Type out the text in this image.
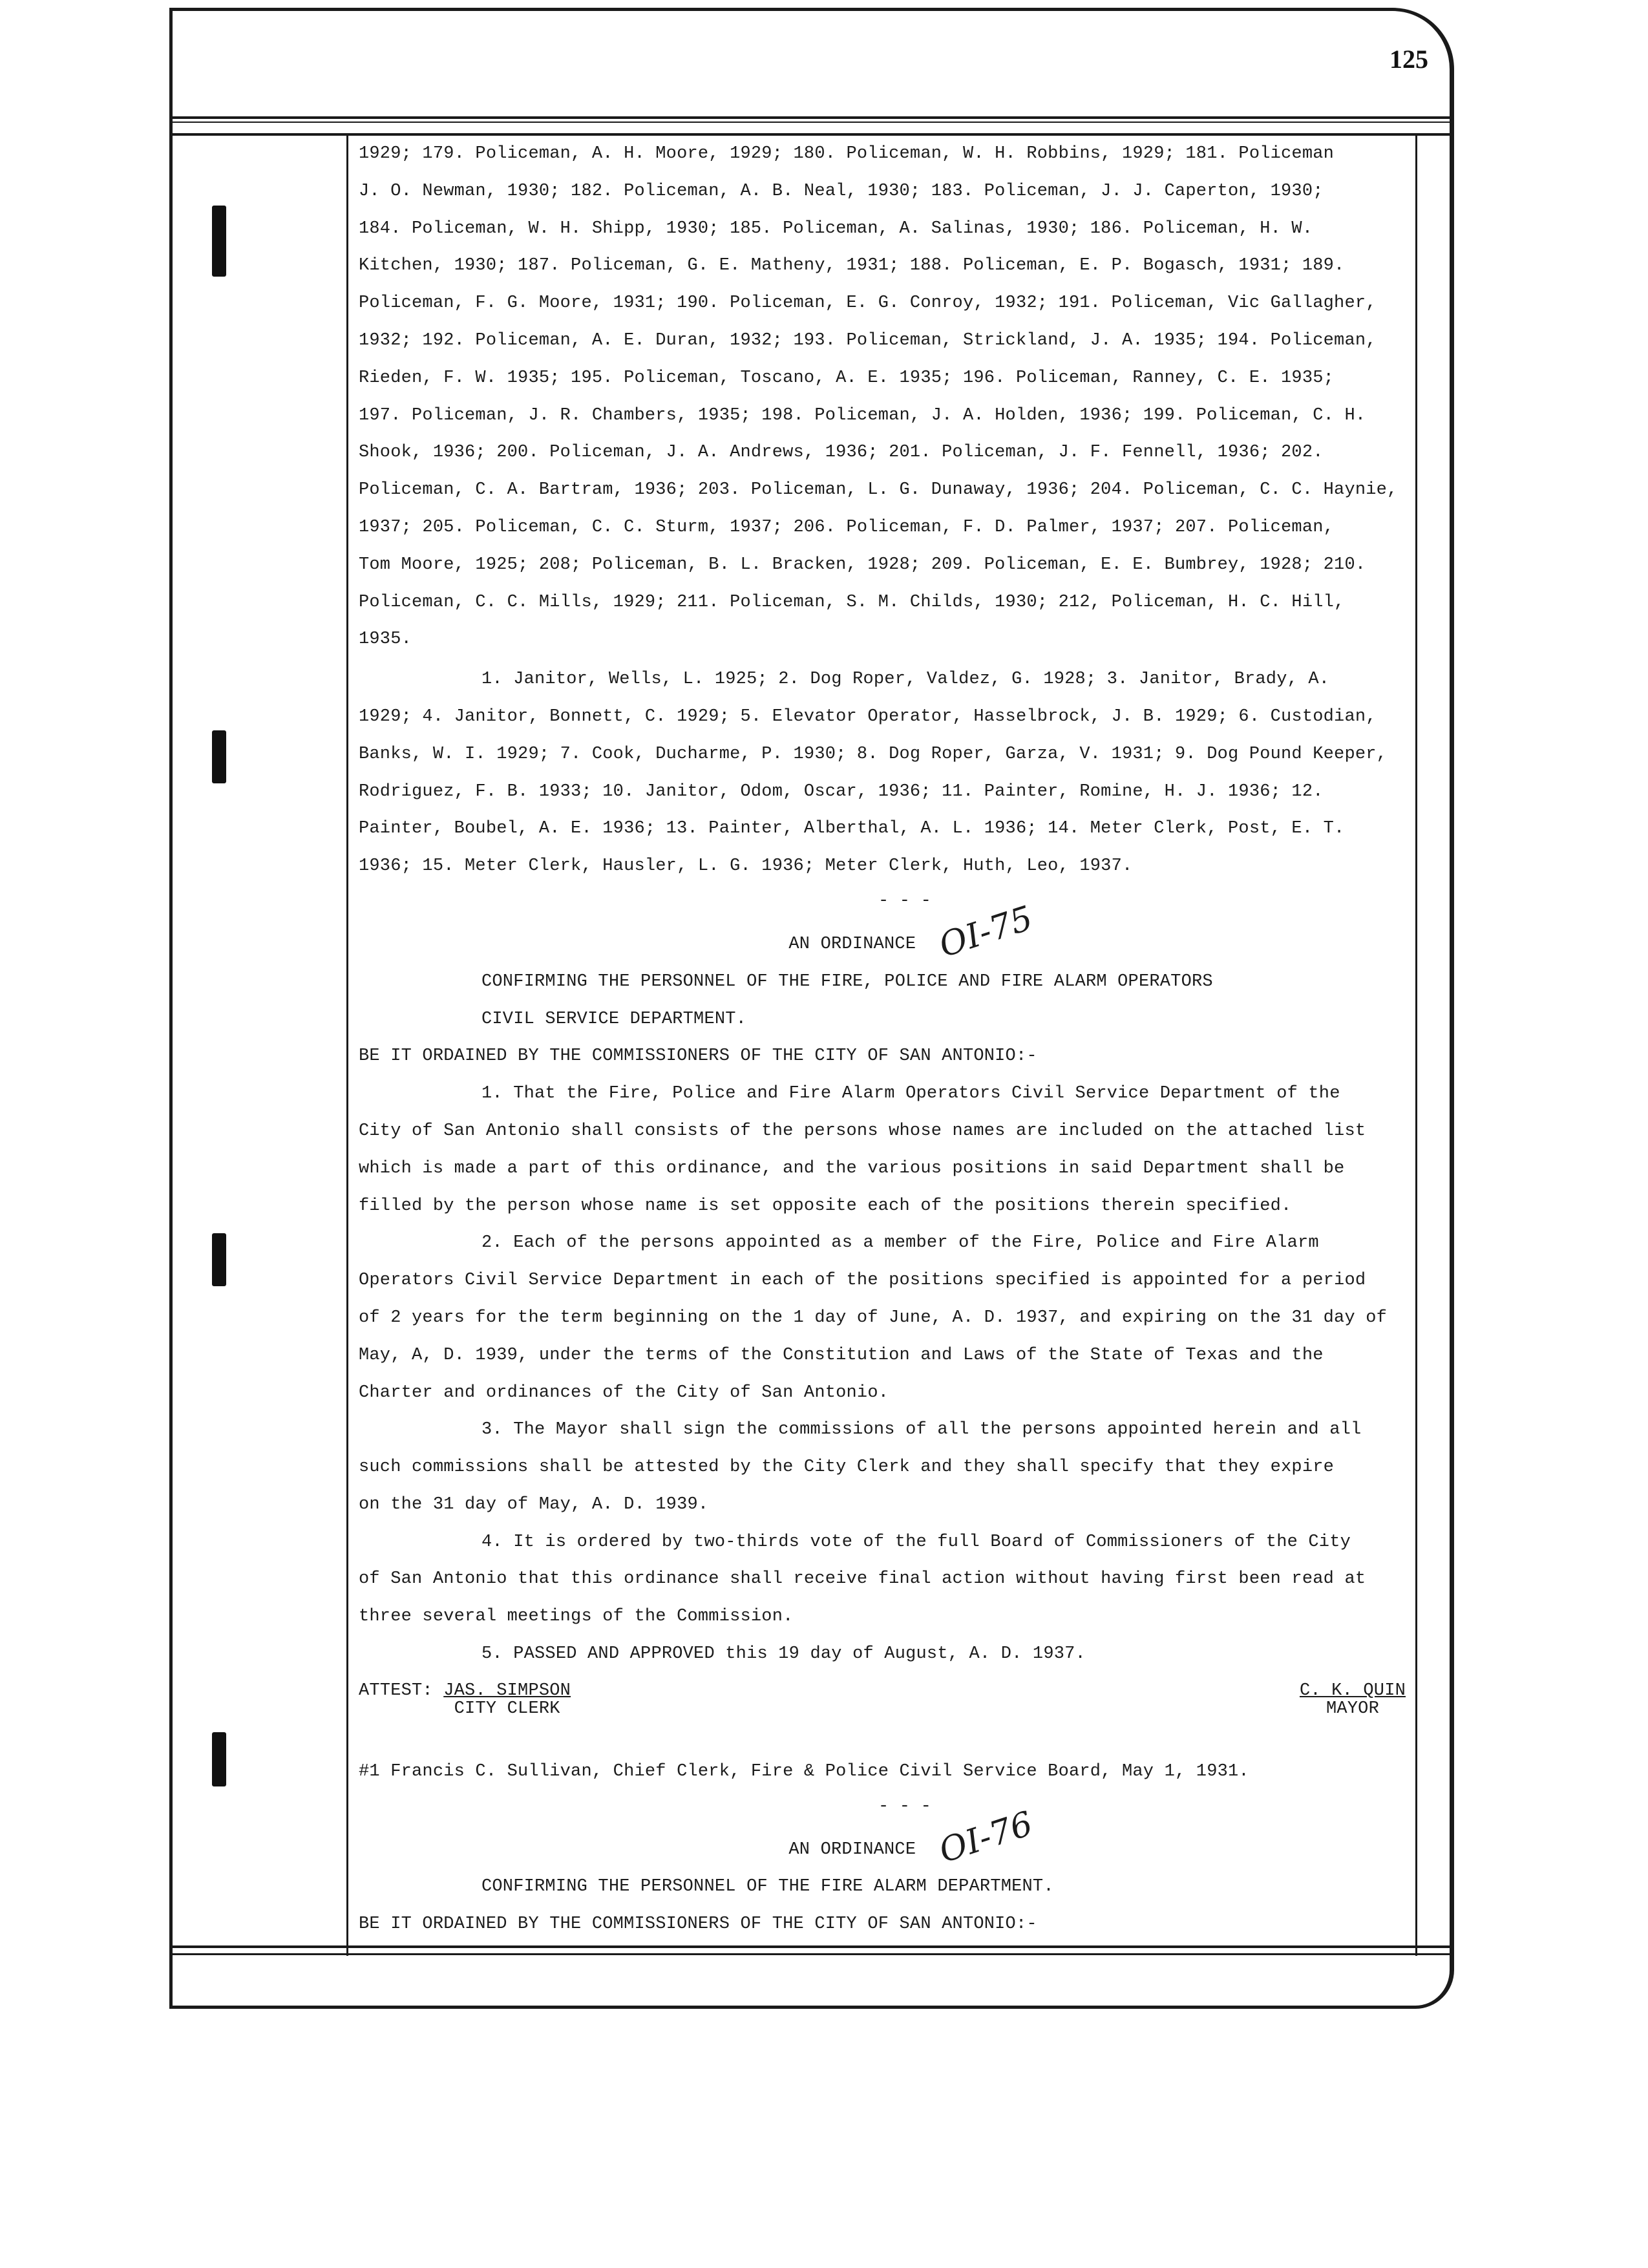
125

1929; 179. Policeman, A. H. Moore, 1929; 180. Policeman, W. H. Robbins, 1929; 181. Policeman
J. O. Newman, 1930; 182. Policeman, A. B. Neal, 1930; 183. Policeman, J. J. Caperton, 1930;
184. Policeman, W. H. Shipp, 1930; 185. Policeman, A. Salinas, 1930; 186. Policeman, H. W.
Kitchen, 1930; 187. Policeman, G. E. Matheny, 1931; 188. Policeman, E. P. Bogasch, 1931; 189.
Policeman, F. G. Moore, 1931; 190. Policeman, E. G. Conroy, 1932; 191. Policeman, Vic Gallagher,
1932; 192. Policeman, A. E. Duran, 1932; 193. Policeman, Strickland, J. A. 1935; 194. Policeman,
Rieden, F. W. 1935; 195. Policeman, Toscano, A. E. 1935; 196. Policeman, Ranney, C. E. 1935;
197. Policeman, J. R. Chambers, 1935; 198. Policeman, J. A. Holden, 1936; 199. Policeman, C. H.
Shook, 1936; 200. Policeman, J. A. Andrews, 1936; 201. Policeman, J. F. Fennell, 1936; 202.
Policeman, C. A. Bartram, 1936; 203. Policeman, L. G. Dunaway, 1936; 204. Policeman, C. C. Haynie,
1937; 205. Policeman, C. C. Sturm, 1937; 206. Policeman, F. D. Palmer, 1937; 207. Policeman,
Tom Moore, 1925; 208; Policeman, B. L. Bracken, 1928; 209. Policeman, E. E. Bumbrey, 1928; 210.
Policeman, C. C. Mills, 1929; 211. Policeman, S. M. Childs, 1930; 212, Policeman, H. C. Hill,
1935.

1. Janitor, Wells, L. 1925; 2. Dog Roper, Valdez, G. 1928; 3. Janitor, Brady, A.
1929; 4. Janitor, Bonnett, C. 1929; 5. Elevator Operator, Hasselbrock, J. B. 1929; 6. Custodian,
Banks, W. I. 1929; 7. Cook, Ducharme, P. 1930; 8. Dog Roper, Garza, V. 1931; 9. Dog Pound Keeper,
Rodriguez, F. B. 1933; 10. Janitor, Odom, Oscar, 1936; 11. Painter, Romine, H. J. 1936; 12.
Painter, Boubel, A. E. 1936; 13. Painter, Alberthal, A. L. 1936; 14. Meter Clerk, Post, E. T.
1936; 15. Meter Clerk, Hausler, L. G. 1936; Meter Clerk, Huth, Leo, 1937.

- - -

AN ORDINANCE OI-75

CONFIRMING THE PERSONNEL OF THE FIRE, POLICE AND FIRE ALARM OPERATORS

CIVIL SERVICE DEPARTMENT.

BE IT ORDAINED BY THE COMMISSIONERS OF THE CITY OF SAN ANTONIO:-

1. That the Fire, Police and Fire Alarm Operators Civil Service Department of the
City of San Antonio shall consists of the persons whose names are included on the attached list
which is made a part of this ordinance, and the various positions in said Department shall be
filled by the person whose name is set opposite each of the positions therein specified.

2. Each of the persons appointed as a member of the Fire, Police and Fire Alarm
Operators Civil Service Department in each of the positions specified is appointed for a period
of 2 years for the term beginning on the 1 day of June, A. D. 1937, and expiring on the 31 day of
May, A, D. 1939, under the terms of the Constitution and Laws of the State of Texas and the
Charter and ordinances of the City of San Antonio.

3. The Mayor shall sign the commissions of all the persons appointed herein and all
such commissions shall be attested by the City Clerk and they shall specify that they expire
on the 31 day of May, A. D. 1939.

4. It is ordered by two-thirds vote of the full Board of Commissioners of the City
of San Antonio that this ordinance shall receive final action without having first been read at
three several meetings of the Commission.

5. PASSED AND APPROVED this 19 day of August, A. D. 1937.

ATTEST:
JAS. SIMPSON
CITY CLERK
C. K. QUIN
MAYOR

#1 Francis C. Sullivan, Chief Clerk, Fire & Police Civil Service Board, May 1, 1931.

- - -

AN ORDINANCE OI-76

CONFIRMING THE PERSONNEL OF THE FIRE ALARM DEPARTMENT.

BE IT ORDAINED BY THE COMMISSIONERS OF THE CITY OF SAN ANTONIO:-
